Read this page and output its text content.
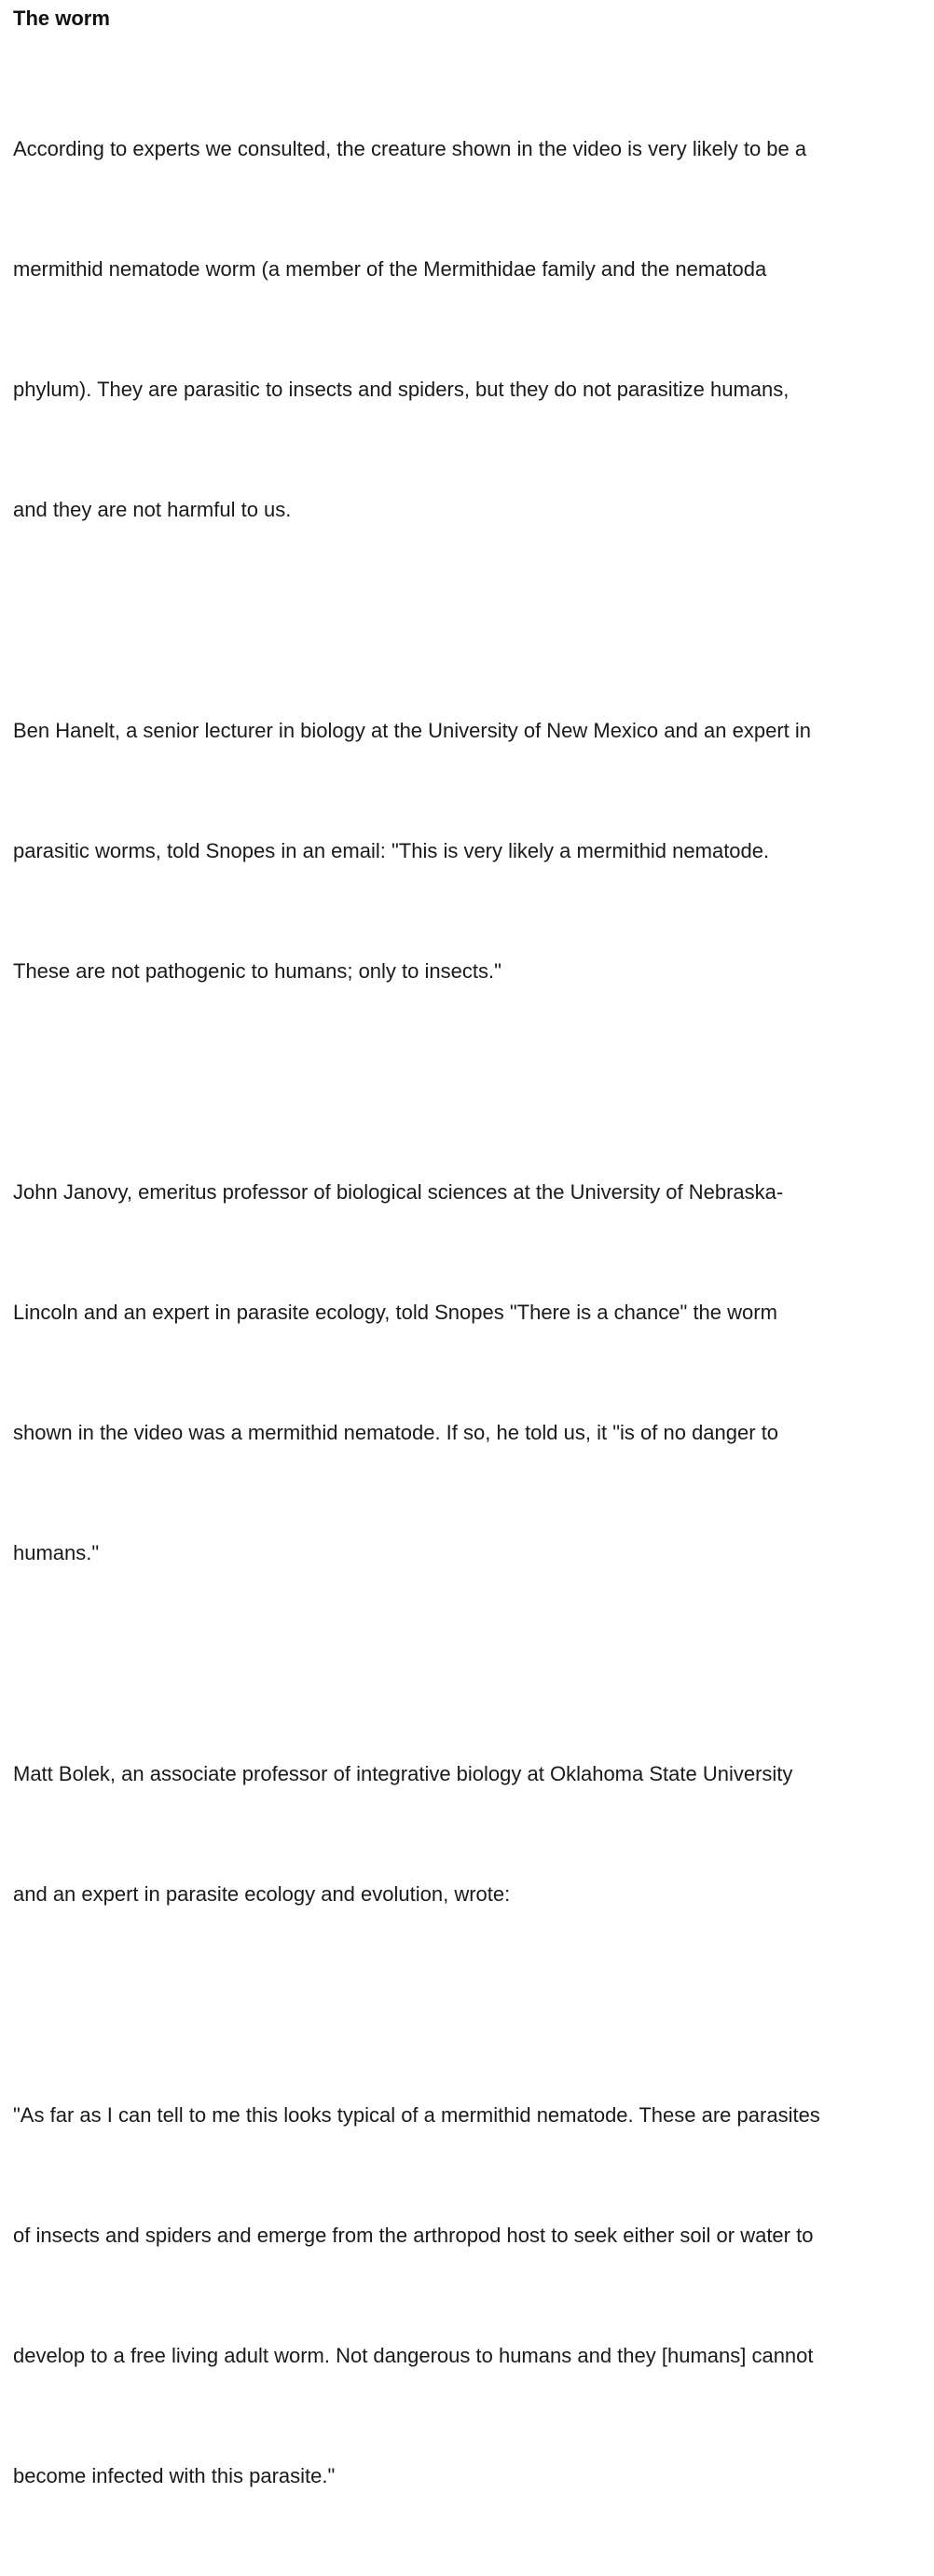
The worm

According to experts we consulted, the creature shown in the video is very likely to be a

mermithid nematode worm (a member of the Mermithidae family and the nematoda

phylum). They are parasitic to insects and spiders, but they do not parasitize humans,

and they are not harmful to us.

Ben Hanelt, a senior lecturer in biology at the University of New Mexico and an expert in

parasitic worms, told Snopes in an email: "This is very likely a mermithid nematode.

These are not pathogenic to humans; only to insects."

John Janovy, emeritus professor of biological sciences at the University of Nebraska-

Lincoln and an expert in parasite ecology, told Snopes "There is a chance" the worm

shown in the video was a mermithid nematode. If so, he told us, it "is of no danger to

humans."

Matt Bolek, an associate professor of integrative biology at Oklahoma State University

and an expert in parasite ecology and evolution, wrote:

"As far as I can tell to me this looks typical of a mermithid nematode. These are parasites

of insects and spiders and emerge from the arthropod host to seek either soil or water to

develop to a free living adult worm. Not dangerous to humans and they [humans] cannot

become infected with this parasite."
